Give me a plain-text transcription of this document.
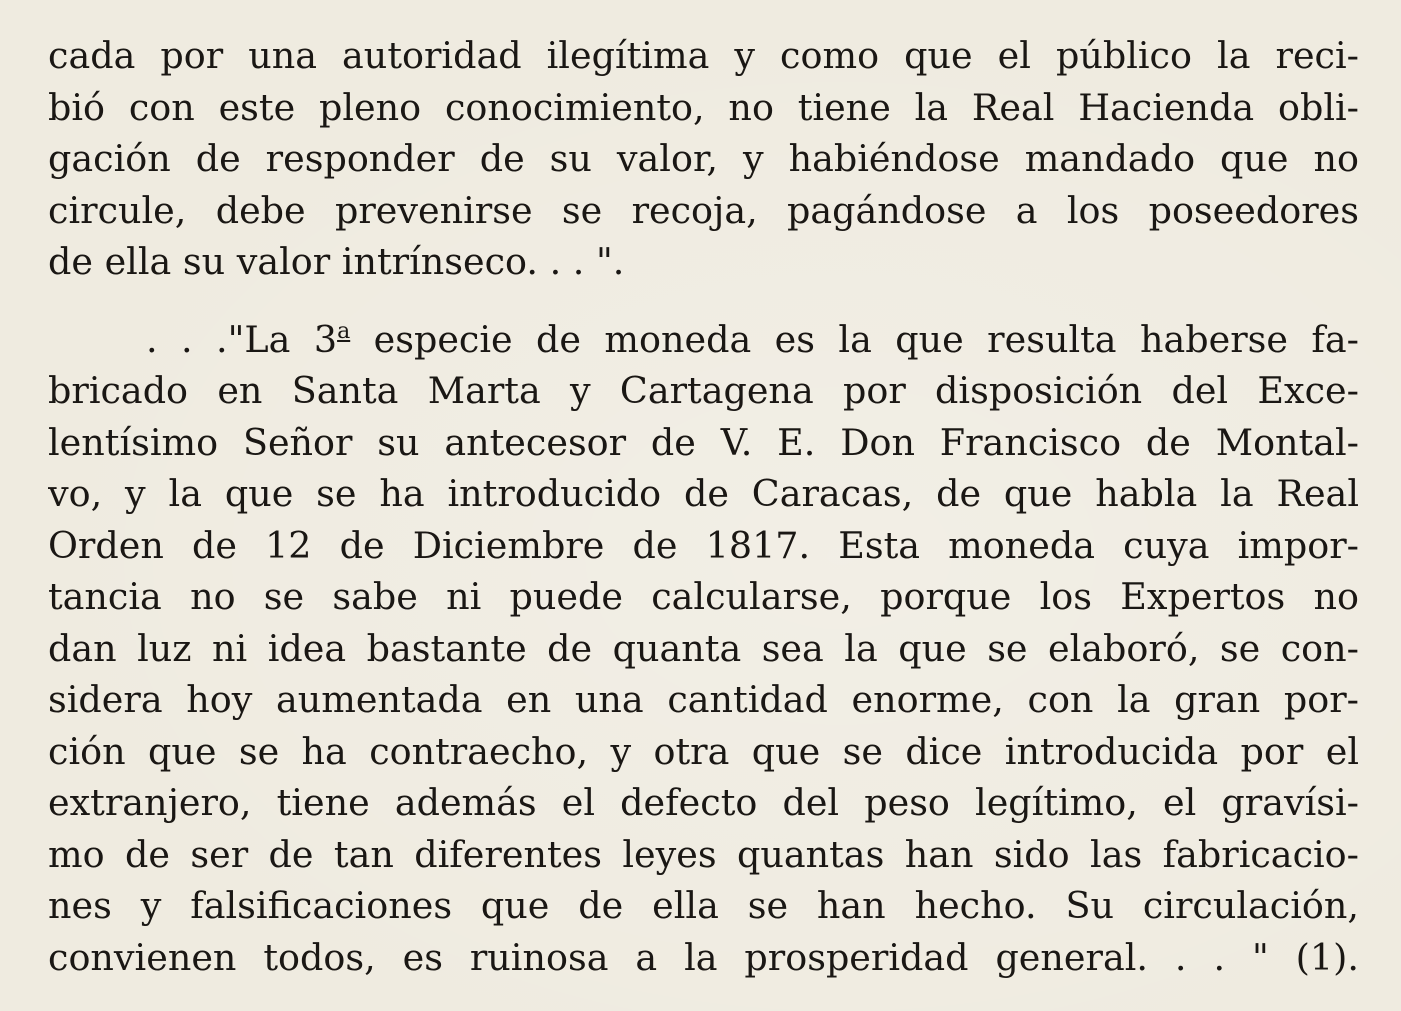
cada por una autoridad ilegítima y como que el público la reci-
bió con este pleno conocimiento, no tiene la Real Hacienda obli-
gación de responder de su valor, y habiéndose mandado que no
circule, debe prevenirse se recoja, pagándose a los poseedores
de ella su valor intrínseco. . . ".
. . ."La 3$^a$ especie de moneda es la que resulta haberse fa-
bricado en Santa Marta y Cartagena por disposición del Exce-
lentísimo Señor su antecesor de V. E. Don Francisco de Montal-
vo, y la que se ha introducido de Caracas, de que habla la Real
Orden de 12 de Diciembre de 1817. Esta moneda cuya impor-
tancia no se sabe ni puede calcularse, porque los Expertos no
dan luz ni idea bastante de quanta sea la que se elaboró, se con-
sidera hoy aumentada en una cantidad enorme, con la gran por-
ción que se ha contraecho, y otra que se dice introducida por el
extranjero, tiene además el defecto del peso legítimo, el gravísi-
mo de ser de tan diferentes leyes quantas han sido las fabricacio-
nes y falsificaciones que de ella se han hecho. Su circulación,
convienen todos, es ruinosa a la prosperidad general. . . " (1).
